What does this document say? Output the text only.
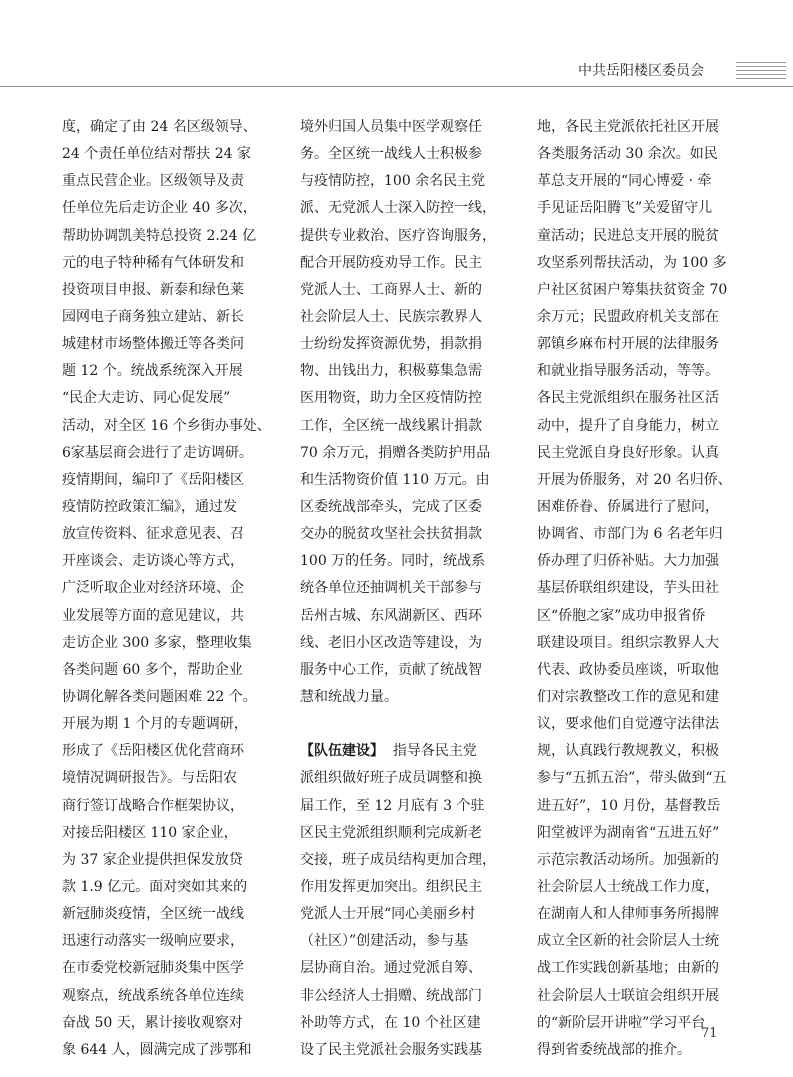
中共岳阳楼区委员会
度，确定了由 24 名区级领导、
24 个责任单位结对帮扶 24 家
重点民营企业。区级领导及责
任单位先后走访企业 40 多次，
帮助协调凯美特总投资 2.24 亿
元的电子特种稀有气体研发和
投资项目申报、新泰和绿色莱
园网电子商务独立建站、新长
城建材市场整体搬迁等各类问
题 12 个。统战系统深入开展
“民企大走访、同心促发展”
活动，对全区 16 个乡街办事处、
6家基层商会进行了走访调研。
疫情期间，编印了《岳阳楼区
疫情防控政策汇编》，通过发
放宣传资料、征求意见表、召
开座谈会、走访谈心等方式，
广泛听取企业对经济环境、企
业发展等方面的意见建议，共
走访企业 300 多家，整理收集
各类问题 60 多个，帮助企业
协调化解各类问题困难 22 个。
开展为期 1 个月的专题调研，
形成了《岳阳楼区优化营商环
境情况调研报告》。与岳阳农
商行签订战略合作框架协议，
对接岳阳楼区 110 家企业，
为 37 家企业提供担保发放贷
款 1.9 亿元。面对突如其来的
新冠肺炎疫情，全区统一战线
迅速行动落实一级响应要求，
在市委党校新冠肺炎集中医学
观察点，统战系统各单位连续
奋战 50 天，累计接收观察对
象 644 人，圆满完成了涉鄂和
境外归国人员集中医学观察任
务。全区统一战线人士积极参
与疫情防控，100 余名民主党
派、无党派人士深入防控一线，
提供专业救治、医疗咨询服务，
配合开展防疫劝导工作。民主
党派人士、工商界人士、新的
社会阶层人士、民族宗教界人
士纷纷发挥资源优势，捐款捐
物、出钱出力，积极募集急需
医用物资，助力全区疫情防控
工作，全区统一战线累计捐款
70 余万元，捐赠各类防护用品
和生活物资价值 110 万元。由
区委统战部牵头，完成了区委
交办的脱贫攻坚社会扶贫捐款
100 万的任务。同时，统战系
统各单位还抽调机关干部参与
岳州古城、东风湖新区、西环
线、老旧小区改造等建设，为
服务中心工作，贡献了统战智
慧和统战力量。
【队伍建设】  指导各民主党
派组织做好班子成员调整和换
届工作，至 12 月底有 3 个驻
区民主党派组织顺利完成新老
交接，班子成员结构更加合理，
作用发挥更加突出。组织民主
党派人士开展“同心美丽乡村
（社区）”创建活动，参与基
层协商自治。通过党派自筹、
非公经济人士捐赠、统战部门
补助等方式，在 10 个社区建
设了民主党派社会服务实践基
地，各民主党派依托社区开展
各类服务活动 30 余次。如民
革总支开展的“同心博爱 · 牵
手见证岳阳腾飞”关爱留守儿
童活动；民进总支开展的脱贫
攻坚系列帮扶活动，为 100 多
户社区贫困户筹集扶贫资金 70
余万元；民盟政府机关支部在
郭镇乡麻布村开展的法律服务
和就业指导服务活动，等等。
各民主党派组织在服务社区活
动中，提升了自身能力，树立
民主党派自身良好形象。认真
开展为侨服务，对 20 名归侨、
困难侨眷、侨属进行了慰问，
协调省、市部门为 6 名老年归
侨办理了归侨补贴。大力加强
基层侨联组织建设，芋头田社
区“侨胞之家”成功申报省侨
联建设项目。组织宗教界人大
代表、政协委员座谈，听取他
们对宗教整改工作的意见和建
议，要求他们自觉遵守法律法
规，认真践行教规教义，积极
参与“五抓五治”，带头做到“五
进五好”，10 月份，基督教岳
阳堂被评为湖南省“五进五好”
示范宗教活动场所。加强新的
社会阶层人士统战工作力度，
在湖南人和人律师事务所揭牌
成立全区新的社会阶层人士统
战工作实践创新基地；由新的
社会阶层人士联谊会组织开展
的“新阶层开讲啦”学习平台
得到省委统战部的推介。
71
